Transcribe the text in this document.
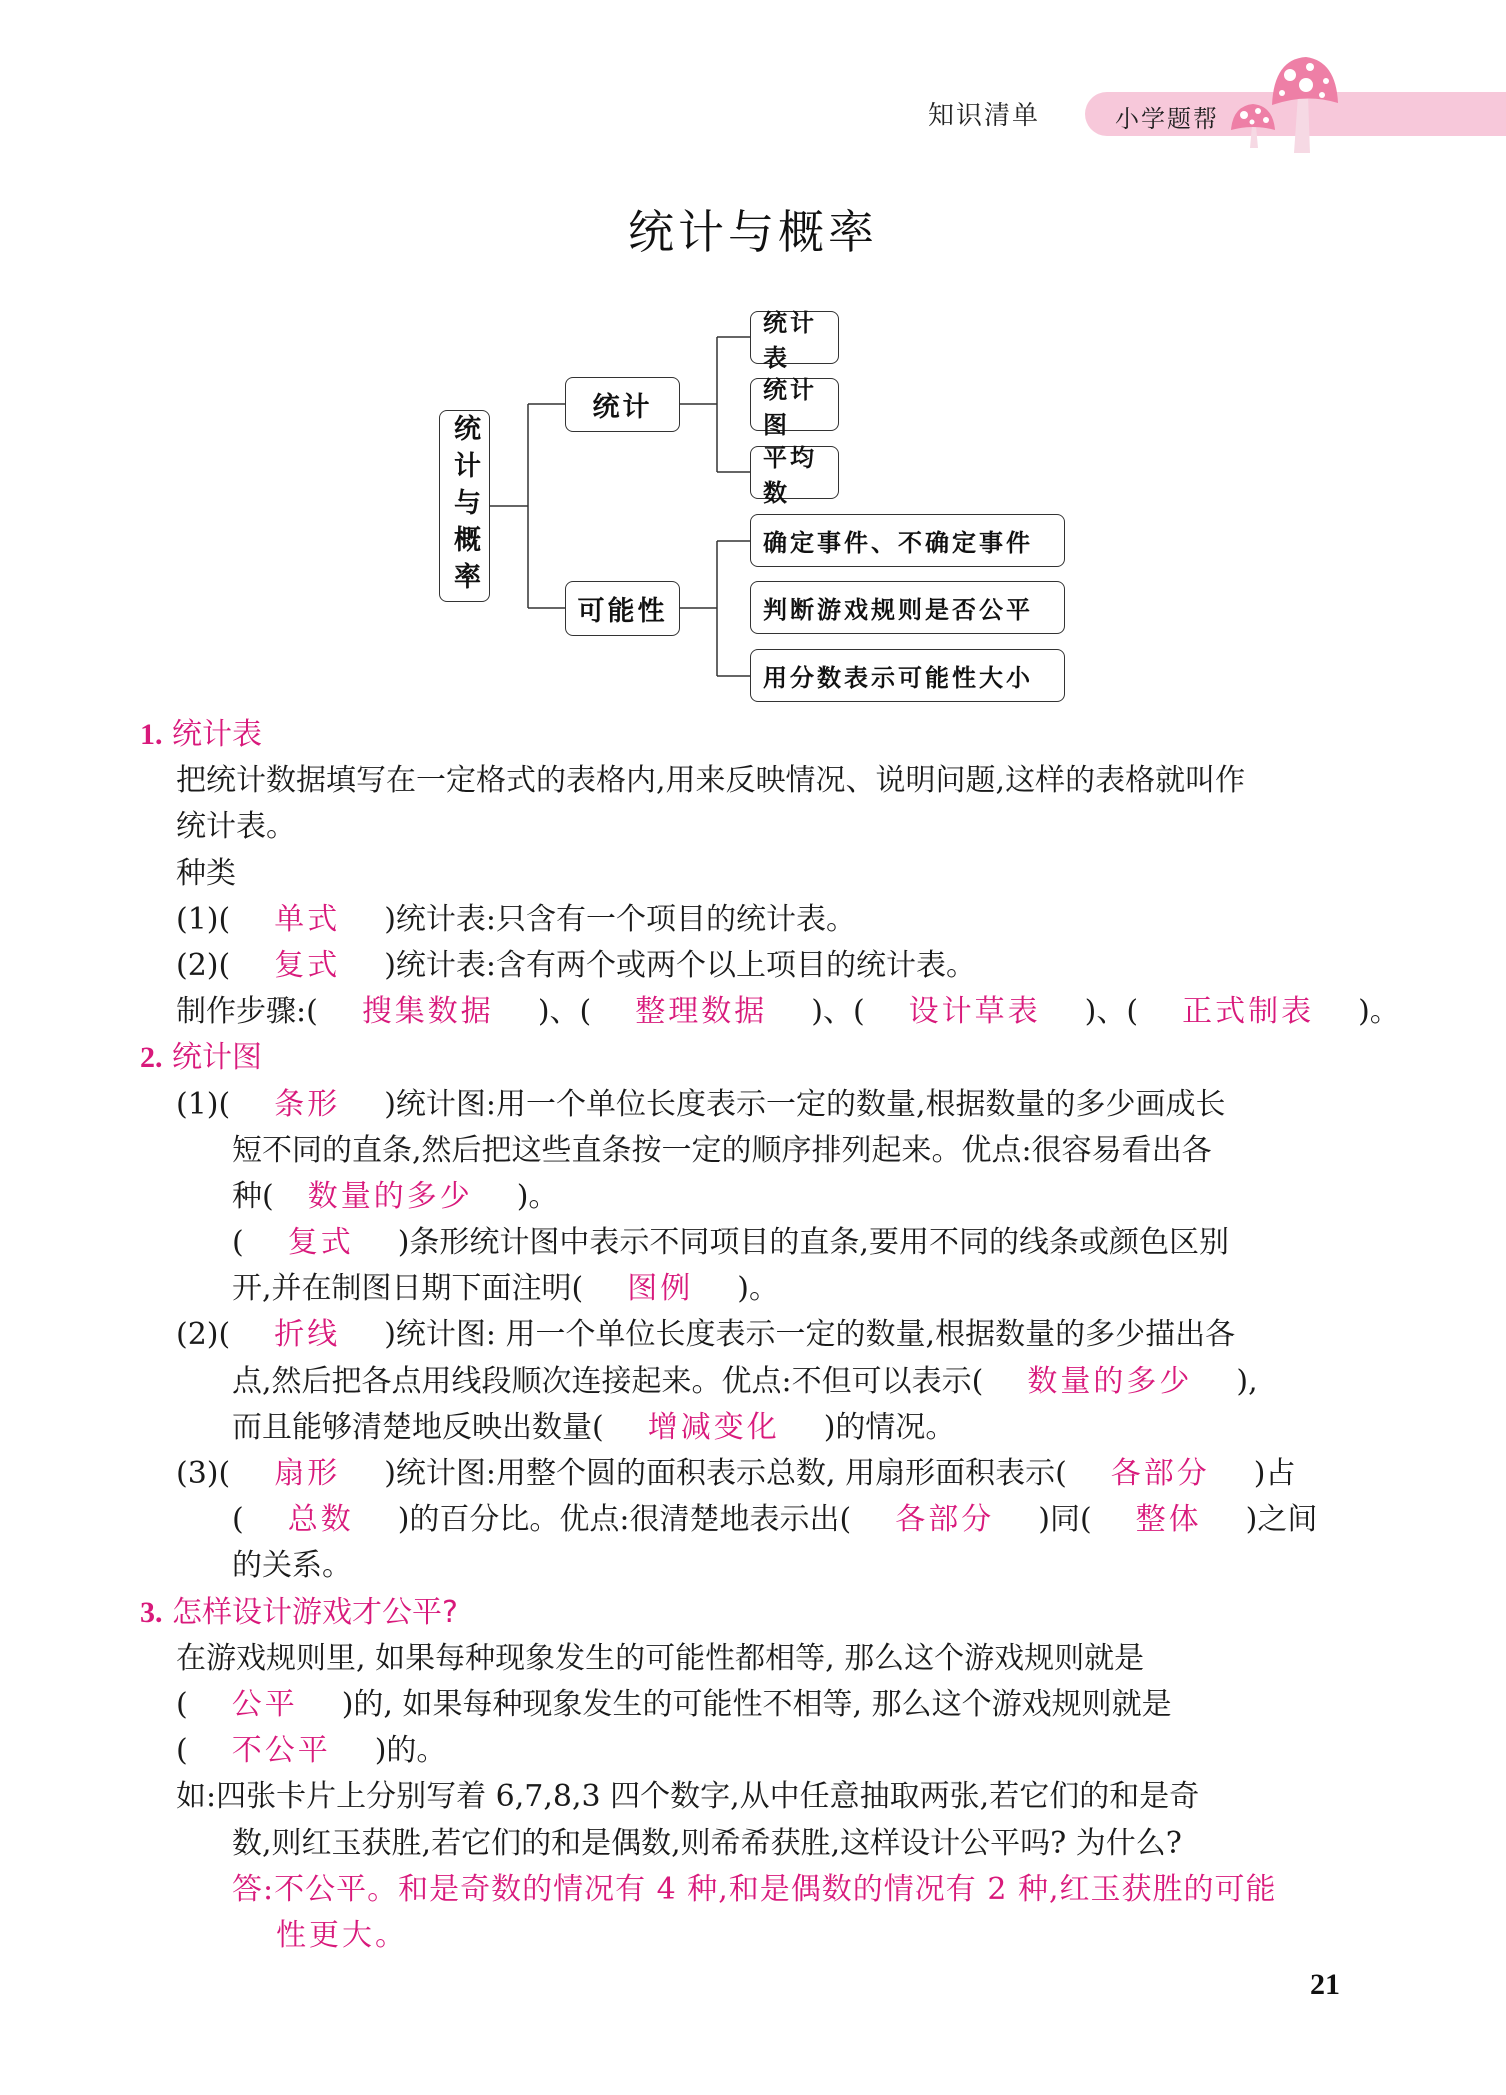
知识清单	小学题帮
统计与概率
统计与概率
统计
可能性
统计表
统计图
平均数
确定事件、不确定事件
判断游戏规则是否公平
用分数表示可能性大小
1. 统计表
把统计数据填写在一定格式的表格内,用来反映情况、说明问题,这样的表格就叫作
统计表。
种类
(1)( 单式 )统计表:只含有一个项目的统计表。
(2)( 复式 )统计表:含有两个或两个以上项目的统计表。
制作步骤:( 搜集数据 )、( 整理数据 )、( 设计草表 )、( 正式制表 )。
2. 统计图
(1)( 条形 )统计图:用一个单位长度表示一定的数量,根据数量的多少画成长
短不同的直条,然后把这些直条按一定的顺序排列起来。优点:很容易看出各
种( 数量的多少 )。
( 复式 )条形统计图中表示不同项目的直条,要用不同的线条或颜色区别
开,并在制图日期下面注明( 图例 )。
(2)( 折线 )统计图: 用一个单位长度表示一定的数量,根据数量的多少描出各
点,然后把各点用线段顺次连接起来。优点:不但可以表示( 数量的多少 ),
而且能够清楚地反映出数量( 增减变化 )的情况。
(3)( 扇形 )统计图:用整个圆的面积表示总数, 用扇形面积表示( 各部分 )占
( 总数 )的百分比。优点:很清楚地表示出( 各部分 )同( 整体 )之间
的关系。
3. 怎样设计游戏才公平?
在游戏规则里, 如果每种现象发生的可能性都相等, 那么这个游戏规则就是
( 公平 )的, 如果每种现象发生的可能性不相等, 那么这个游戏规则就是
( 不公平 )的。
如:四张卡片上分别写着 6,7,8,3 四个数字,从中任意抽取两张,若它们的和是奇
数,则红玉获胜,若它们的和是偶数,则希希获胜,这样设计公平吗? 为什么?
答:不公平。和是奇数的情况有 4 种,和是偶数的情况有 2 种,红玉获胜的可能
性更大。
21
